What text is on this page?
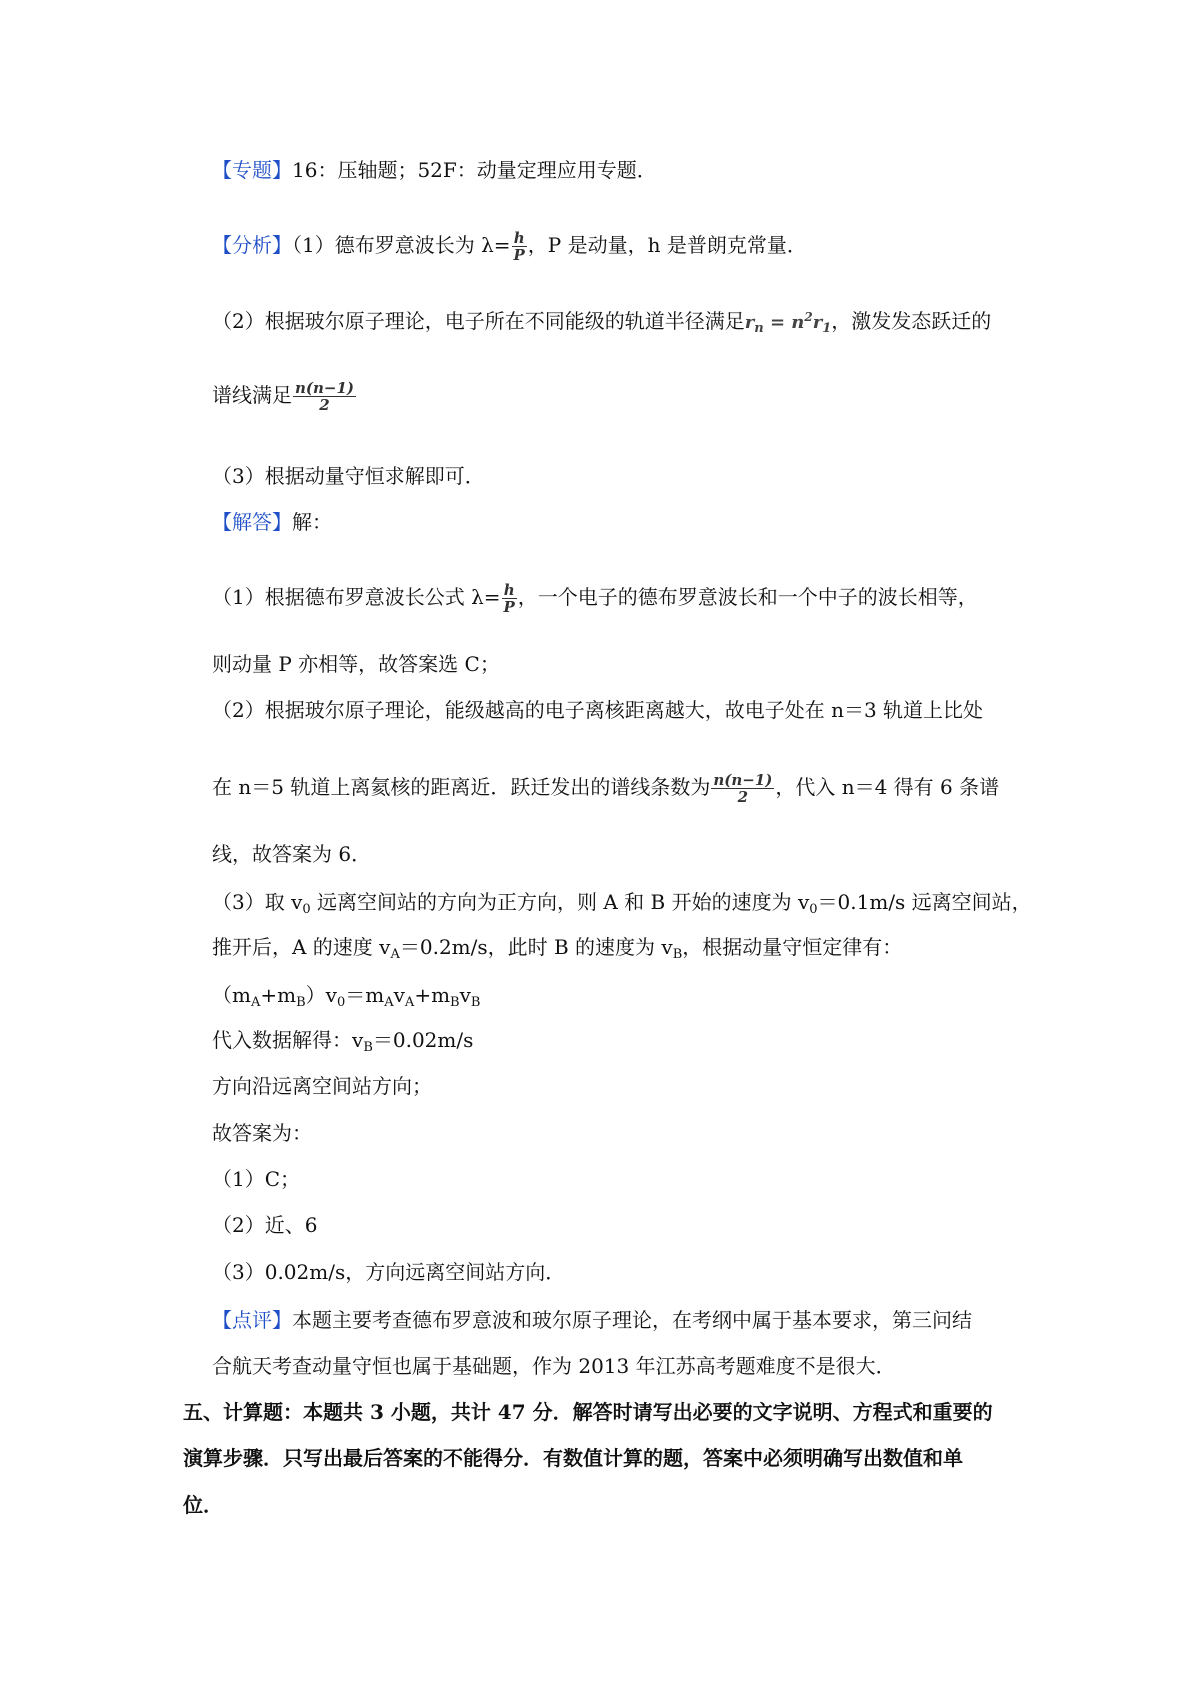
【专题】16：压轴题；52F：动量定理应用专题．
【分析】（1）德布罗意波长为 $\lambda= \frac{h}{P}$ ，P 是动量，h 是普朗克常量．
（2）根据玻尔原子理论，电子所在不同能级的轨道半径满足$r_n = n^2r_1$，激发发态跃迁的
谱线满足 $\frac{n(n-1)}{2}$
（3）根据动量守恒求解即可．
【解答】解：
（1）根据德布罗意波长公式 $\lambda= \frac{h}{P}$ ，一个电子的德布罗意波长和一个中子的波长相等，
则动量 P 亦相等，故答案选 C；
（2）根据玻尔原子理论，能级越高的电子离核距离越大，故电子处在 n＝3 轨道上比处
在 n＝5 轨道上离氦核的距离近．跃迁发出的谱线条数为 $\frac{n(n-1)}{2}$ ，代入 n＝4 得有 6 条谱
线，故答案为 6．
（3）取 $v_0$ 远离空间站的方向为正方向，则 A 和 B 开始的速度为 $v_0=0.1m/s$ 远离空间站，
推开后，A 的速度 $v_A=0.2m/s$，此时 B 的速度为 $v_B$，根据动量守恒定律有：
$(m_A+m_B)v_0=m_Av_A+m_Bv_B$
代入数据解得：$v_B=0.02m/s$
方向沿远离空间站方向；
故答案为：
（1）C；
（2）近、6
（3）0.02m/s，方向远离空间站方向．
【点评】本题主要考查德布罗意波和玻尔原子理论，在考纲中属于基本要求，第三问结
合航天考查动量守恒也属于基础题，作为 2013 年江苏高考题难度不是很大．
五、计算题：本题共 3 小题，共计 47 分．解答时请写出必要的文字说明、方程式和重要的
演算步骤．只写出最后答案的不能得分．有数值计算的题，答案中必须明确写出数值和单
位．
